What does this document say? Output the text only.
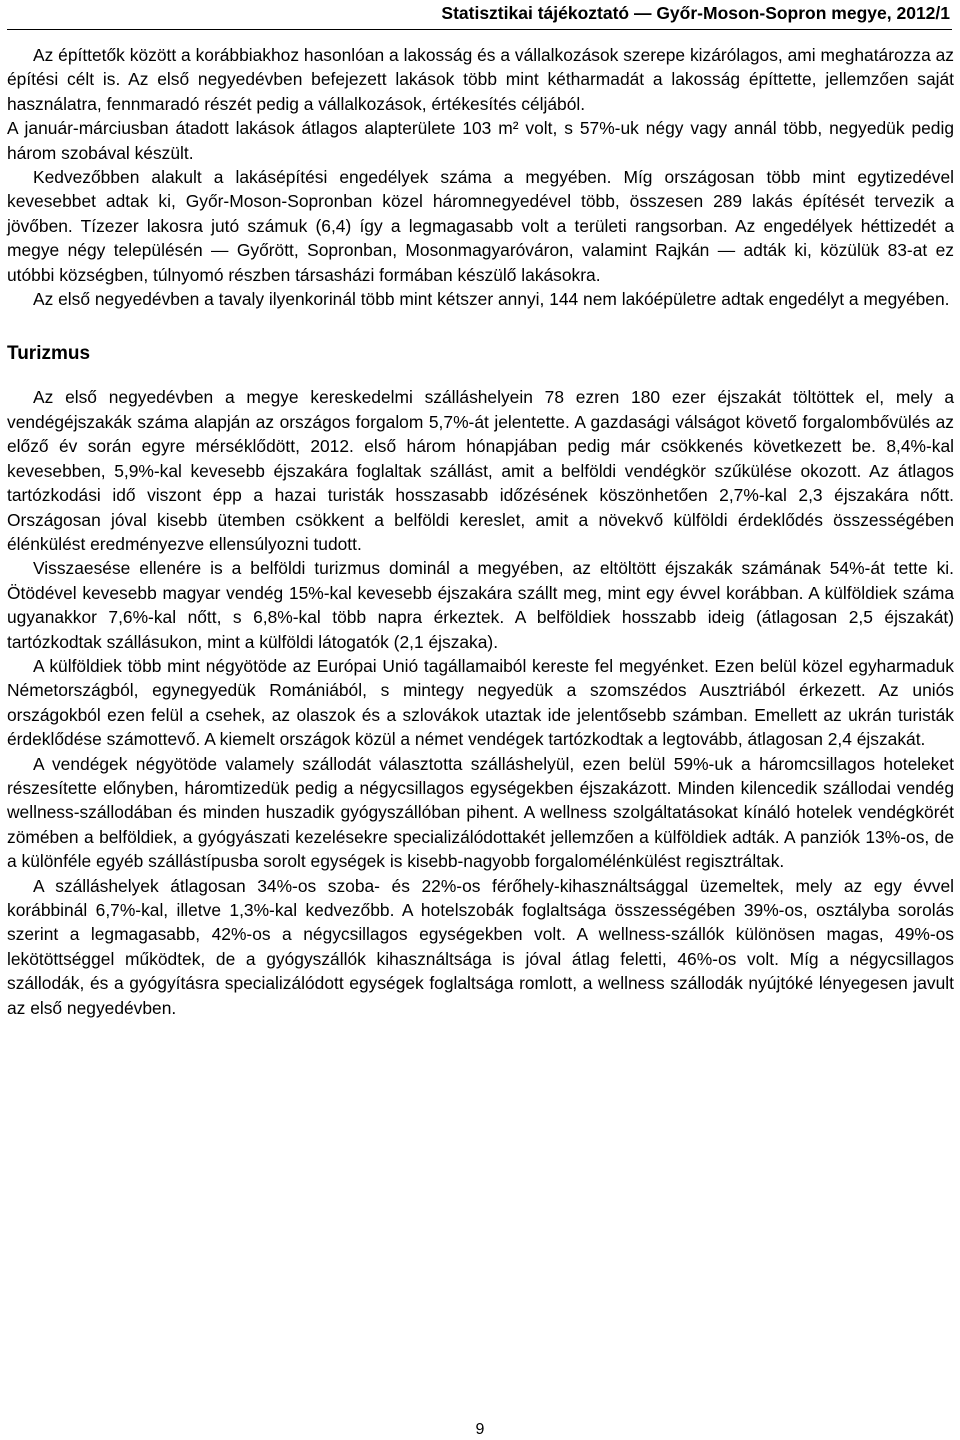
Statisztikai tájékoztató — Győr-Moson-Sopron megye, 2012/1

Az építtetők között a korábbiakhoz hasonlóan a lakosság és a vállalkozások szerepe kizárólagos, ami meghatározza az építési célt is. Az első negyedévben befejezett lakások több mint kétharmadát a lakosság építtette, jellemzően saját használatra, fennmaradó részét pedig a vállalkozások, értékesítés céljából.

A január-márciusban átadott lakások átlagos alapterülete 103 m² volt, s 57%-uk négy vagy annál több, negyedük pedig három szobával készült.

Kedvezőbben alakult a lakásépítési engedélyek száma a megyében. Míg országosan több mint egytizedével kevesebbet adtak ki, Győr-Moson-Sopronban közel háromnegyedével több, összesen 289 lakás építését tervezik a jövőben. Tízezer lakosra jutó számuk (6,4) így a legmagasabb volt a területi rangsorban. Az engedélyek héttizedét a megye négy településén — Győrött, Sopronban, Mosonmagyaróváron, valamint Rajkán — adták ki, közülük 83-at ez utóbbi községben, túlnyomó részben társasházi formában készülő lakásokra.

Az első negyedévben a tavaly ilyenkorinál több mint kétszer annyi, 144 nem lakóépületre adtak engedélyt a megyében.

Turizmus

Az első negyedévben a megye kereskedelmi szálláshelyein 78 ezren 180 ezer éjszakát töltöttek el, mely a vendégéjszakák száma alapján az országos forgalom 5,7%-át jelentette. A gazdasági válságot követő forgalombővülés az előző év során egyre mérséklődött, 2012. első három hónapjában pedig már csökkenés következett be. 8,4%-kal kevesebben, 5,9%-kal kevesebb éjszakára foglaltak szállást, amit a belföldi vendégkör szűkülése okozott. Az átlagos tartózkodási idő viszont épp a hazai turisták hosszasabb időzésének köszönhetően 2,7%-kal 2,3 éjszakára nőtt. Országosan jóval kisebb ütemben csökkent a belföldi kereslet, amit a növekvő külföldi érdeklődés összességében élénkülést eredményezve ellensúlyozni tudott.

Visszaesése ellenére is a belföldi turizmus dominál a megyében, az eltöltött éjszakák számának 54%-át tette ki. Ötödével kevesebb magyar vendég 15%-kal kevesebb éjszakára szállt meg, mint egy évvel korábban. A külföldiek száma ugyanakkor 7,6%-kal nőtt, s 6,8%-kal több napra érkeztek. A belföldiek hosszabb ideig (átlagosan 2,5 éjszakát) tartózkodtak szállásukon, mint a külföldi látogatók (2,1 éjszaka).

A külföldiek több mint négyötöde az Európai Unió tagállamaiból kereste fel megyénket. Ezen belül közel egyharmaduk Németországból, egynegyedük Romániából, s mintegy negyedük a szomszédos Ausztriából érkezett. Az uniós országokból ezen felül a csehek, az olaszok és a szlovákok utaztak ide jelentősebb számban. Emellett az ukrán turisták érdeklődése számottevő. A kiemelt országok közül a német vendégek tartózkodtak a legtovább, átlagosan 2,4 éjszakát.

A vendégek négyötöde valamely szállodát választotta szálláshelyül, ezen belül 59%-uk a háromcsillagos hoteleket részesítette előnyben, háromtizedük pedig a négycsillagos egységekben éjszakázott. Minden kilencedik szállodai vendég wellness-szállodában és minden huszadik gyógyszállóban pihent. A wellness szolgáltatásokat kínáló hotelek vendégkörét zömében a belföldiek, a gyógyászati kezelésekre specializálódottakét jellemzően a külföldiek adták. A panziók 13%-os, de a különféle egyéb szállástípusba sorolt egységek is kisebb-nagyobb forgalomélénkülést regisztráltak.

A szálláshelyek átlagosan 34%-os szoba- és 22%-os férőhely-kihasználtsággal üzemeltek, mely az egy évvel korábbinál 6,7%-kal, illetve 1,3%-kal kedvezőbb. A hotelszobák foglaltsága összességében 39%-os, osztályba sorolás szerint a legmagasabb, 42%-os a négycsillagos egységekben volt. A wellness-szállók különösen magas, 49%-os lekötöttséggel működtek, de a gyógyszállók kihasználtsága is jóval átlag feletti, 46%-os volt. Míg a négycsillagos szállodák, és a gyógyításra specializálódott egységek foglaltsága romlott, a wellness szállodák nyújtóké lényegesen javult az első negyedévben.

9
